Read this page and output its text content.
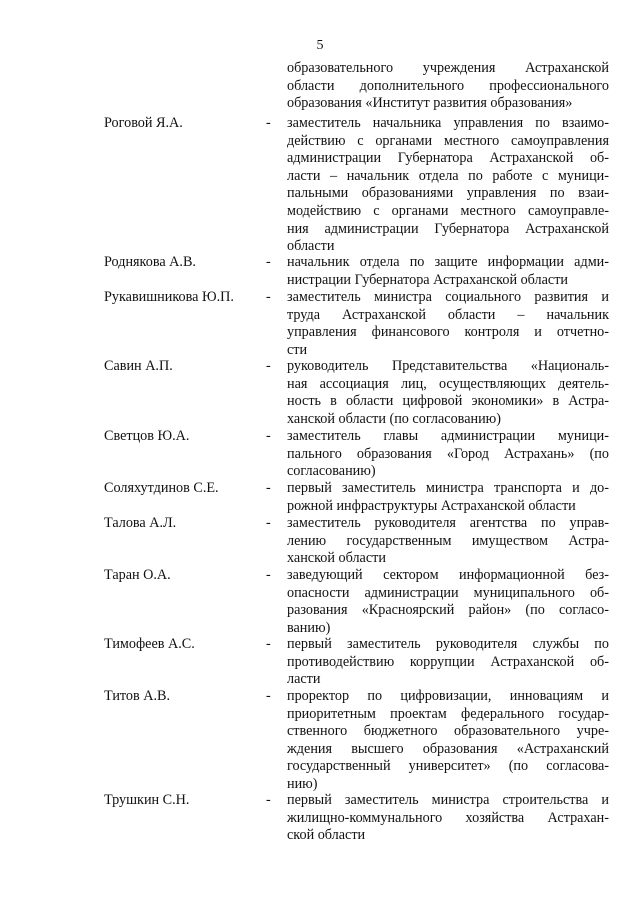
5
образовательного учреждения Астраханской
области дополнительного профессионального
образования «Институт развития образования»
Роговой Я.А.	- заместитель начальника управления по взаимо-
действию с органами местного самоуправления
администрации Губернатора Астраханской об-
ласти – начальник отдела по работе с муници-
пальными образованиями управления по взаи-
модействию с органами местного самоуправле-
ния администрации Губернатора Астраханской
области
Роднякова А.В.	- начальник отдела по защите информации адми-
нистрации Губернатора Астраханской области
Рукавишникова Ю.П. - заместитель министра социального развития и
труда Астраханской области – начальник
управления финансового контроля и отчетно-
сти
Савин А.П.	- руководитель Представительства «Националь-
ная ассоциация лиц, осуществляющих деятель-
ность в области цифровой экономики» в Астра-
ханской области (по согласованию)
Светцов Ю.А.	- заместитель главы администрации муници-
пального образования «Город Астрахань» (по
согласованию)
Соляхутдинов С.Е.	- первый заместитель министра транспорта и до-
рожной инфраструктуры Астраханской области
Талова А.Л.	- заместитель руководителя агентства по управ-
лению государственным имуществом Астра-
ханской области
Таран О.А.	- заведующий сектором информационной без-
опасности администрации муниципального об-
разования «Красноярский район» (по согласо-
ванию)
Тимофеев А.С.	- первый заместитель руководителя службы по
противодействию коррупции Астраханской об-
ласти
Титов А.В.	- проректор по цифровизации, инновациям и
приоритетным проектам федерального государ-
ственного бюджетного образовательного учре-
ждения высшего образования «Астраханский
государственный университет» (по согласова-
нию)
Трушкин С.Н.	- первый заместитель министра строительства и
жилищно-коммунального хозяйства Астрахан-
ской области
